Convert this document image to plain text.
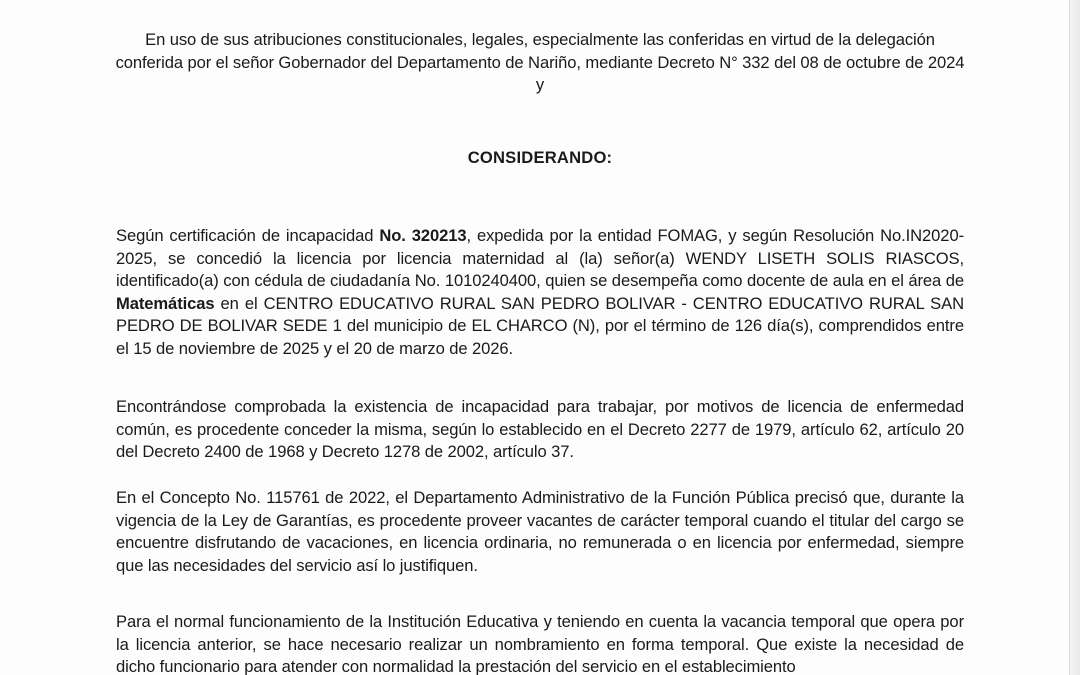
En uso de sus atribuciones constitucionales, legales, especialmente las conferidas en virtud de la delegación conferida por el señor Gobernador del Departamento de Nariño, mediante Decreto N° 332 del 08 de octubre de 2024 y
CONSIDERANDO:
Según certificación de incapacidad No. 320213, expedida por la entidad FOMAG, y según Resolución No.IN2020-2025, se concedió la licencia por licencia maternidad al (la) señor(a) WENDY LISETH SOLIS RIASCOS, identificado(a) con cédula de ciudadanía No. 1010240400, quien se desempeña como docente de aula en el área de Matemáticas en el CENTRO EDUCATIVO RURAL SAN PEDRO BOLIVAR - CENTRO EDUCATIVO RURAL SAN PEDRO DE BOLIVAR SEDE 1 del municipio de EL CHARCO (N), por el término de 126 día(s), comprendidos entre el 15 de noviembre de 2025 y el 20 de marzo de 2026.
Encontrándose comprobada la existencia de incapacidad para trabajar, por motivos de licencia de enfermedad común, es procedente conceder la misma, según lo establecido en el Decreto 2277 de 1979, artículo 62, artículo 20 del Decreto 2400 de 1968 y Decreto 1278 de 2002, artículo 37.
En el Concepto No. 115761 de 2022, el Departamento Administrativo de la Función Pública precisó que, durante la vigencia de la Ley de Garantías, es procedente proveer vacantes de carácter temporal cuando el titular del cargo se encuentre disfrutando de vacaciones, en licencia ordinaria, no remunerada o en licencia por enfermedad, siempre que las necesidades del servicio así lo justifiquen.
Para el normal funcionamiento de la Institución Educativa y teniendo en cuenta la vacancia temporal que opera por la licencia anterior, se hace necesario realizar un nombramiento en forma temporal. Que existe la necesidad de dicho funcionario para atender con normalidad la prestación del servicio en el establecimiento
